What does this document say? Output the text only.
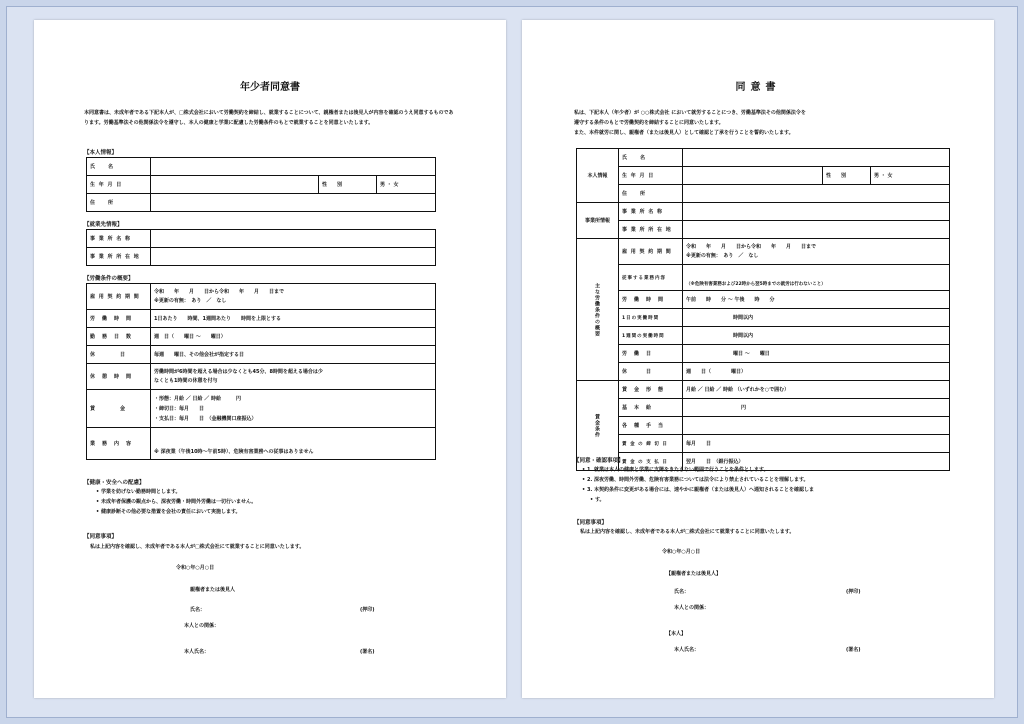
年少者同意書
本同意書は、未成年者である下記本人が、□株式会社において労働契約を締結し、就業することについて、親権者または後見人が内容を確認のうえ同意するものであります。労働基準法その他関係法令を遵守し、本人の健康と学業に配慮した労働条件のもとで就業することを同意といたします。
【本人情報】
氏　　名			
生 年 月 日		性　　別	男 ・ 女
住　　所			
【就業先情報】
事 業 所 名 称	
事 業 所 所 在 地	
【労働条件の概要】
雇 用 契 約 期 間	令和　　年　　月　　日から令和　　年　　月　　日まで
※更新の有無：　あり　／　なし

労　働　時　間	1日あたり　　時間、1週間あたり　　時間を上限とする
勤　務　日　数	週　日（　　曜日 ～　　曜日）
休　　　　日	毎週　　曜日、その他会社が指定する日
休　憩　時　間	労働時間が6時間を超える場合は少なくとも45分、8時間を超える場合は少
なくとも1時間の休憩を付与

賃　　　　金	・形態：月給 ／ 日給 ／ 時給　　　円
・締切日：毎月　　日
・支払日：毎月　　日　（金融機関口座振込）

業　務　内　容	※ 深夜業（午後10時～午前5時）、危険有害業務への従事はありません
【健康・安全への配慮】
• 学業を妨げない勤務時間とします。
• 未成年者保護の観点から、深夜労働・時間外労働は一切行いません。
• 健康診断その他必要な措置を会社の責任において実施します。
【同意事項】
私は上記内容を確認し、未成年者である本人が□株式会社にて就業することに同意いたします。
令和○年○月○日
親権者または後見人
氏名：	(押印)
本人との関係：
本人氏名：	(署名)
同意書
私は、下記本人（年少者）が ○○株式会社 において就労することにつき、労働基準法その他関係法令を
遵守する条件のもとで労働契約を締結することに同意いたします。
また、本件就労に関し、親権者（または後見人）として確認と了承を行うことを誓約いたします。
本人情報	氏　　名			
	生 年 月 日		性　　別	男 ・ 女
	住　　所			
事業所情報	事 業 所 名 称			
	事 業 所 所 在 地			
主な労働条件の概要	雇 用 契 約 期 間	令和　　年　　月　　日から令和　　年　　月　　日まで
※更新の有無：　あり　／　なし		

	従事する業務内容	（※危険有害業務および22時から翌5時までの就労は行わないこと）		
	労　働　時　間	午前　　時　　分 ～ 午後　　時　　分		
	1日の実働時間	時間以内		
	1週間の実働時間	時間以内		
	労　働　日	曜日 ～　　曜日		
	休　　　日	週　　日（　　　　曜日）		
賃金条件	賃　金　形　態	月給 ／ 日給 ／ 時給 （いずれかを○で囲む）		
	基　本　給	円		
	各　種　手　当			
	賃 金 の 締 切 日	毎月　　日		
	賃 金 の 支 払 日	翌月　　日　（銀行振込）		
【同意・確認事項】
• 1. 就業は本人の健康と学業に支障をきたさない範囲で行うことを条件とします。
• 2. 深夜労働、時間外労働、危険有害業務については法令により禁止されていることを理解します。
• 3. 本契約条件に変更がある場合には、速やかに親権者（または後見人）へ通知されることを確認しま
• す。
【同意事項】
私は上記内容を確認し、未成年者である本人が□株式会社にて就業することに同意いたします。
令和○年○月○日
【親権者または後見人】
氏名：	(押印)
本人との関係：
【本人】
本人氏名：	(署名)
